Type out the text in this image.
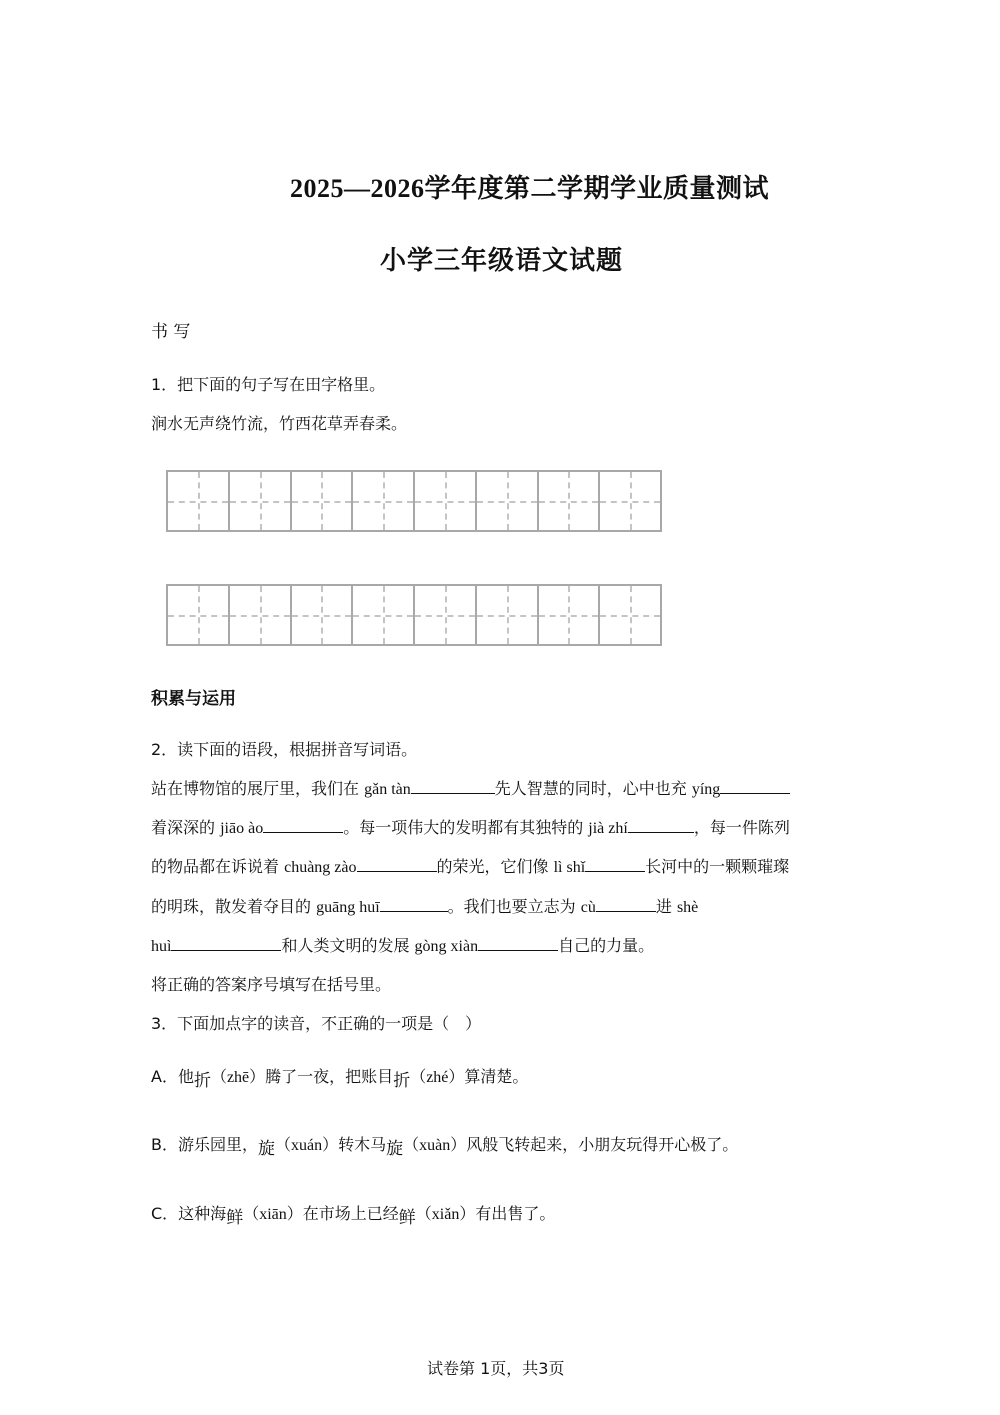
2025—2026学年度第二学期学业质量测试
小学三年级语文试题
书 写
1．把下面的句子写在田字格里。
涧水无声绕竹流，竹西花草弄春柔。
积累与运用
2．读下面的语段，根据拼音写词语。
站在博物馆的展厅里，我们在 gǎn tàn	先人智慧的同时，心中也充 yíng
着深深的 jiāo ào	。每一项伟大的发明都有其独特的 jià zhí	，每一件陈列
的物品都在诉说着 chuàng zào	的荣光，它们像 lì shǐ	长河中的一颗颗璀璨
的明珠，散发着夺目的 guāng huī	。我们也要立志为 cù	进 shè
huì	和人类文明的发展 gòng xiàn	自己的力量。
将正确的答案序号填写在括号里。
3．下面加点字的读音，不正确的一项是（　）
A．他折（zhē）腾了一夜，把账目折（zhé）算清楚。
B．游乐园里，旋（xuán）转木马旋（xuàn）风般飞转起来，小朋友玩得开心极了。
C．这种海鲜（xiān）在市场上已经鲜（xiǎn）有出售了。
试卷第 1页，共3页
